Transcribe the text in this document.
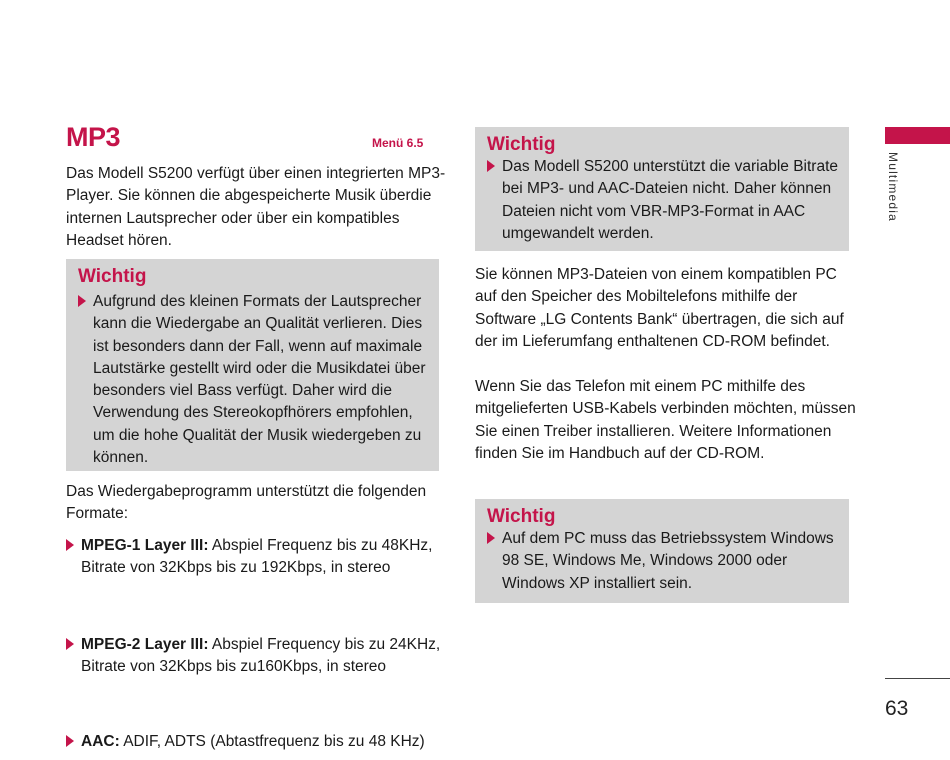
MP3	Menü 6.5

Das Modell S5200 verfügt über einen integrierten MP3-Player. Sie können die abgespeicherte Musik überdie internen Lautsprecher oder über ein kompatibles Headset hören.

Wichtig

Aufgrund des kleinen Formats der Lautsprecher kann die Wiedergabe an Qualität verlieren. Dies ist besonders dann der Fall, wenn auf maximale Lautstärke gestellt wird oder die Musikdatei über besonders viel Bass verfügt. Daher wird die Verwendung des Stereokopfhörers empfohlen, um die hohe Qualität der Musik wiedergeben zu können.

Das Wiedergabeprogramm unterstützt die folgenden Formate:

MPEG-1 Layer III: Abspiel Frequenz bis zu 48KHz, Bitrate von 32Kbps bis zu 192Kbps, in stereo
MPEG-2 Layer III: Abspiel Frequency bis zu 24KHz, Bitrate von 32Kbps bis zu160Kbps, in stereo
AAC: ADIF, ADTS (Abtastfrequenz bis zu 48 KHz)

Wichtig

Das Modell S5200 unterstützt die variable Bitrate bei MP3- und AAC-Dateien nicht. Daher können Dateien nicht vom VBR-MP3-Format in AAC umgewandelt werden.

Sie können MP3-Dateien von einem kompatiblen PC auf den Speicher des Mobiltelefons mithilfe der Software „LG Contents Bank“ übertragen, die sich auf der im Lieferumfang enthaltenen CD-ROM befindet.

Wenn Sie das Telefon mit einem PC mithilfe des mitgelieferten USB-Kabels verbinden möchten, müssen Sie einen Treiber installieren. Weitere Informationen finden Sie im Handbuch auf der CD-ROM.

Wichtig

Auf dem PC muss das Betriebssystem Windows 98 SE, Windows Me, Windows 2000 oder Windows XP installiert sein.
Multimedia
63
